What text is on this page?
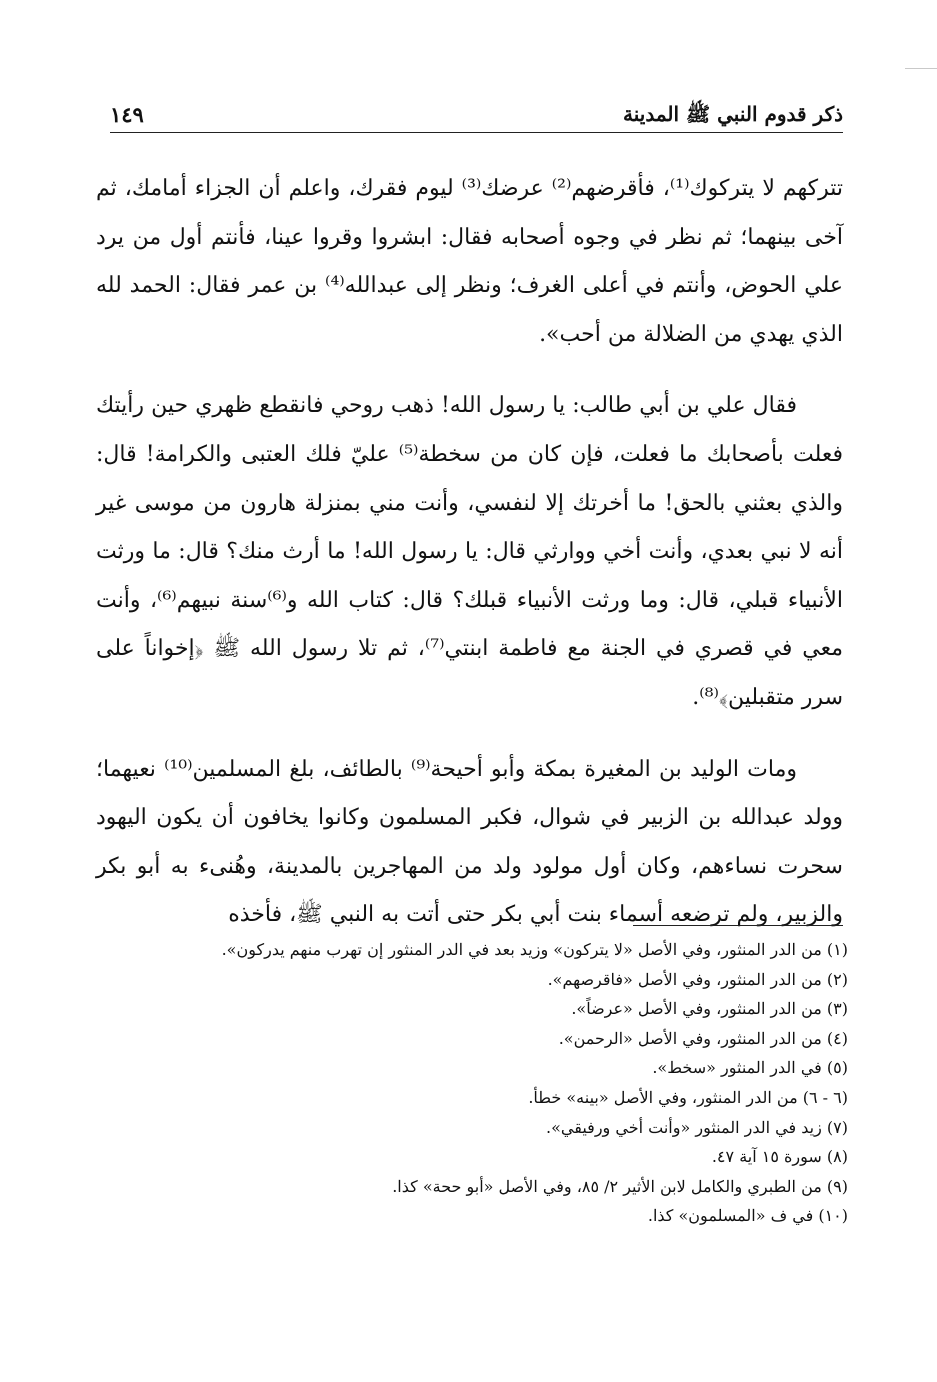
١٤٩	ذكر قدوم النبي ﷺ المدينة

تتركهم لا يتركوك⁽¹⁾، فأقرضهم⁽²⁾ عرضك⁽³⁾ ليوم فقرك، واعلم أن الجزاء أمامك، ثم آخى بينهما؛ ثم نظر في وجوه أصحابه فقال: ابشروا وقروا عينا، فأنتم أول من يرد علي الحوض، وأنتم في أعلى الغرف؛ ونظر إلى عبدالله⁽⁴⁾ بن عمر فقال: الحمد لله الذي يهدي من الضلالة من أحب».

فقال علي بن أبي طالب: يا رسول الله! ذهب روحي فانقطع ظهري حين رأيتك فعلت بأصحابك ما فعلت، فإن كان من سخطة⁽⁵⁾ عليّ فلك العتبى والكرامة! قال: والذي بعثني بالحق! ما أخرتك إلا لنفسي، وأنت مني بمنزلة هارون من موسى غير أنه لا نبي بعدي، وأنت أخي ووارثي قال: يا رسول الله! ما أرث منك؟ قال: ما ورثت الأنبياء قبلي، قال: وما ورثت الأنبياء قبلك؟ قال: كتاب الله و⁽⁶⁾سنة نبيهم⁽⁶⁾، وأنت معي في قصري في الجنة مع فاطمة ابنتي⁽⁷⁾، ثم تلا رسول الله ﷺ ﴿إخواناً على سرر متقبلين﴾⁽⁸⁾.

ومات الوليد بن المغيرة بمكة وأبو أحيحة⁽⁹⁾ بالطائف، بلغ المسلمين⁽¹⁰⁾ نعيهما؛ وولد عبدالله بن الزبير في شوال، فكبر المسلمون وكانوا يخافون أن يكون اليهود سحرت نساءهم، وكان أول مولود ولد من المهاجرين بالمدينة، وهُنىء به أبو بكر والزبير، ولم ترضعه أسماء بنت أبي بكر حتى أتت به النبي ﷺ، فأخذه

(١) من الدر المنثور، وفي الأصل «لا يتركون» وزيد بعد في الدر المنثور إن تهرب منهم يدركون».

(٢) من الدر المنثور، وفي الأصل «فاقرصهم».

(٣) من الدر المنثور، وفي الأصل «عرضاً».

(٤) من الدر المنثور، وفي الأصل «الرحمن».

(٥) في الدر المنثور «سخط».

(٦ - ٦) من الدر المنثور، وفي الأصل «بينه» خطأ.

(٧) زيد في الدر المنثور «وأنت أخي ورفيقي».

(٨) سورة ١٥ آية ٤٧.

(٩) من الطبري والكامل لابن الأثير ٢/ ٨٥، وفي الأصل «أبو ححة» كذا.

(١٠) في ف «المسلمون» كذا.
